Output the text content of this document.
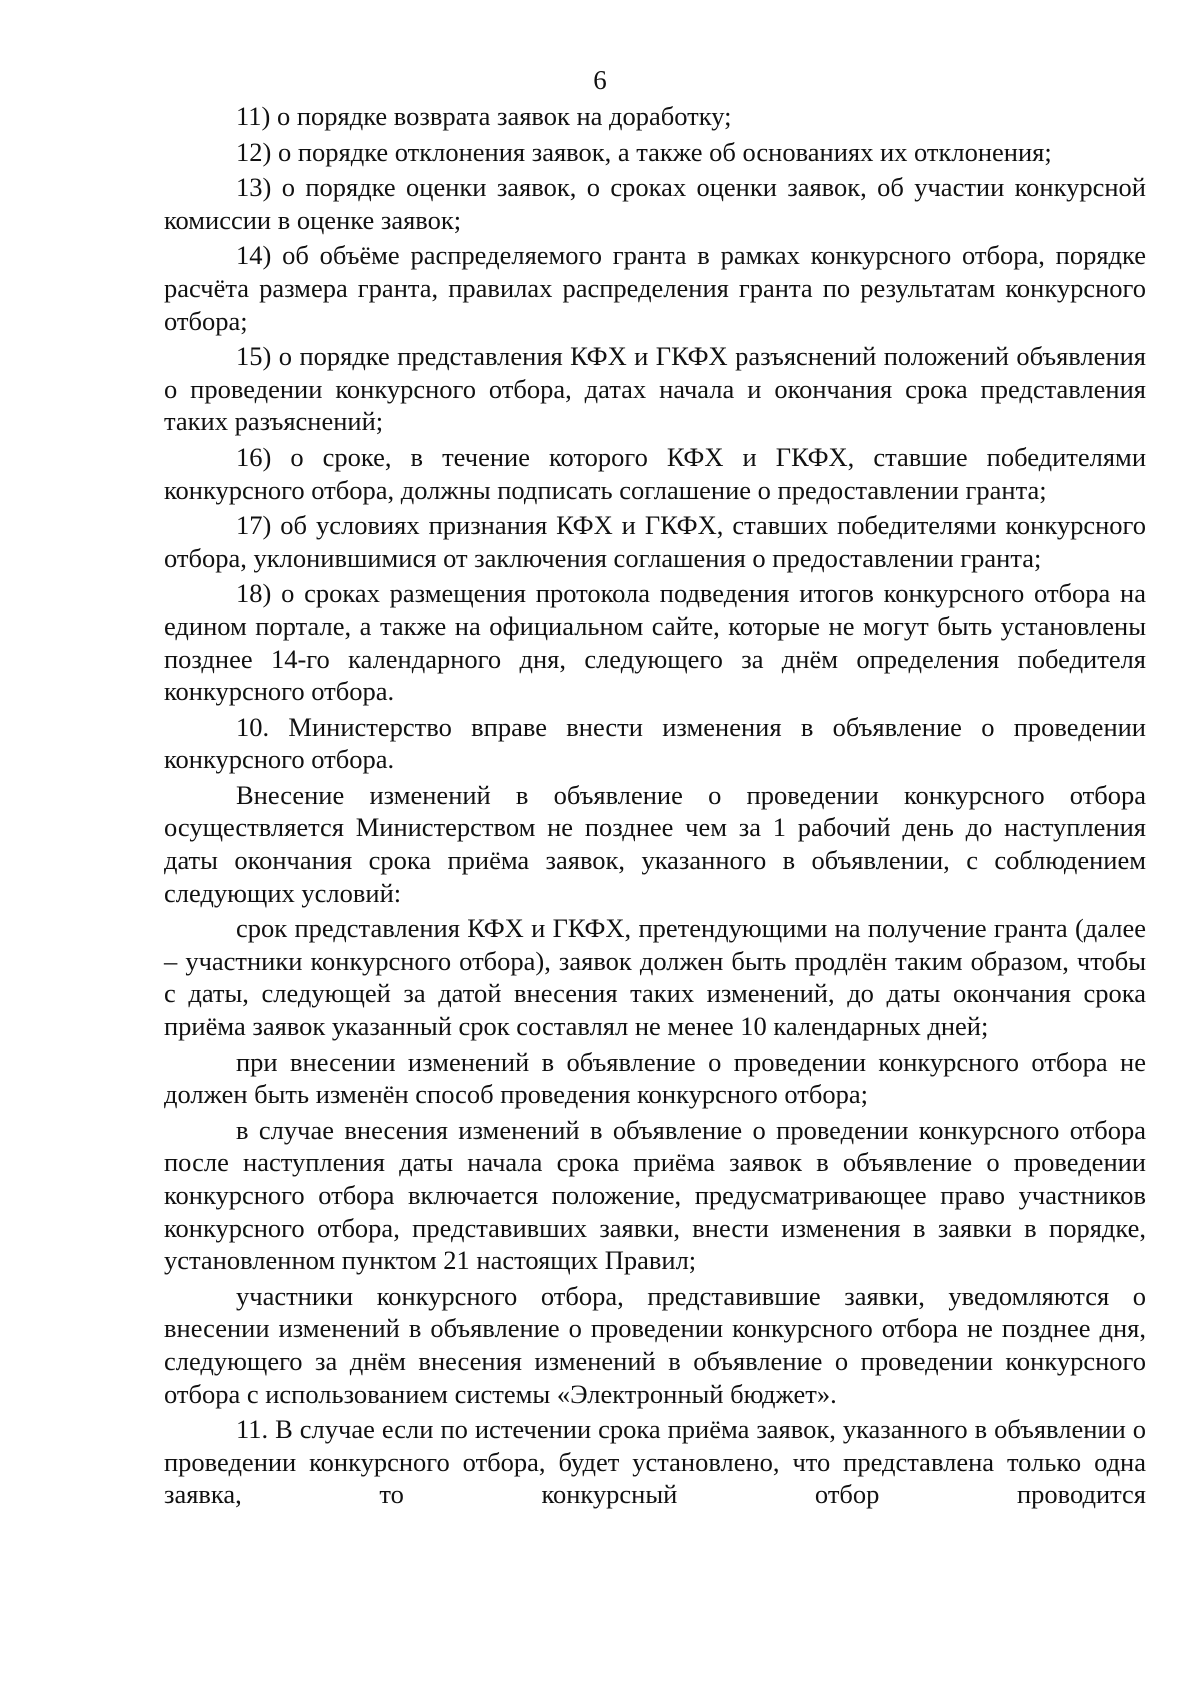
6

11) о порядке возврата заявок на доработку;

12) о порядке отклонения заявок, а также об основаниях их отклонения;

13) о порядке оценки заявок, о сроках оценки заявок, об участии конкурсной комиссии в оценке заявок;

14) об объёме распределяемого гранта в рамках конкурсного отбора, порядке расчёта размера гранта, правилах распределения гранта по результатам конкурсного отбора;

15) о порядке представления КФХ и ГКФХ разъяснений положений объявления о проведении конкурсного отбора, датах начала и окончания срока представления таких разъяснений;

16) о сроке, в течение которого КФХ и ГКФХ, ставшие победителями конкурсного отбора, должны подписать соглашение о предоставлении гранта;

17) об условиях признания КФХ и ГКФХ, ставших победителями конкурсного отбора, уклонившимися от заключения соглашения о предоставлении гранта;

18) о сроках размещения протокола подведения итогов конкурсного отбора на едином портале, а также на официальном сайте, которые не могут быть установлены позднее 14-го календарного дня, следующего за днём определения победителя конкурсного отбора.

10. Министерство вправе внести изменения в объявление о проведении конкурсного отбора.

Внесение изменений в объявление о проведении конкурсного отбора осуществляется Министерством не позднее чем за 1 рабочий день до наступления даты окончания срока приёма заявок, указанного в объявлении, с соблюдением следующих условий:

срок представления КФХ и ГКФХ, претендующими на получение гранта (далее – участники конкурсного отбора), заявок должен быть продлён таким образом, чтобы с даты, следующей за датой внесения таких изменений, до даты окончания срока приёма заявок указанный срок составлял не менее 10 календарных дней;

при внесении изменений в объявление о проведении конкурсного отбора не должен быть изменён способ проведения конкурсного отбора;

в случае внесения изменений в объявление о проведении конкурсного отбора после наступления даты начала срока приёма заявок в объявление о проведении конкурсного отбора включается положение, предусматривающее право участников конкурсного отбора, представивших заявки, внести изменения в заявки в порядке, установленном пунктом 21 настоящих Правил;

участники конкурсного отбора, представившие заявки, уведомляются о внесении изменений в объявление о проведении конкурсного отбора не позднее дня, следующего за днём внесения изменений в объявление о проведении конкурсного отбора с использованием системы «Электронный бюджет».

11. В случае если по истечении срока приёма заявок, указанного в объявлении о проведении конкурсного отбора, будет установлено, что представлена только одна заявка, то конкурсный отбор проводится
